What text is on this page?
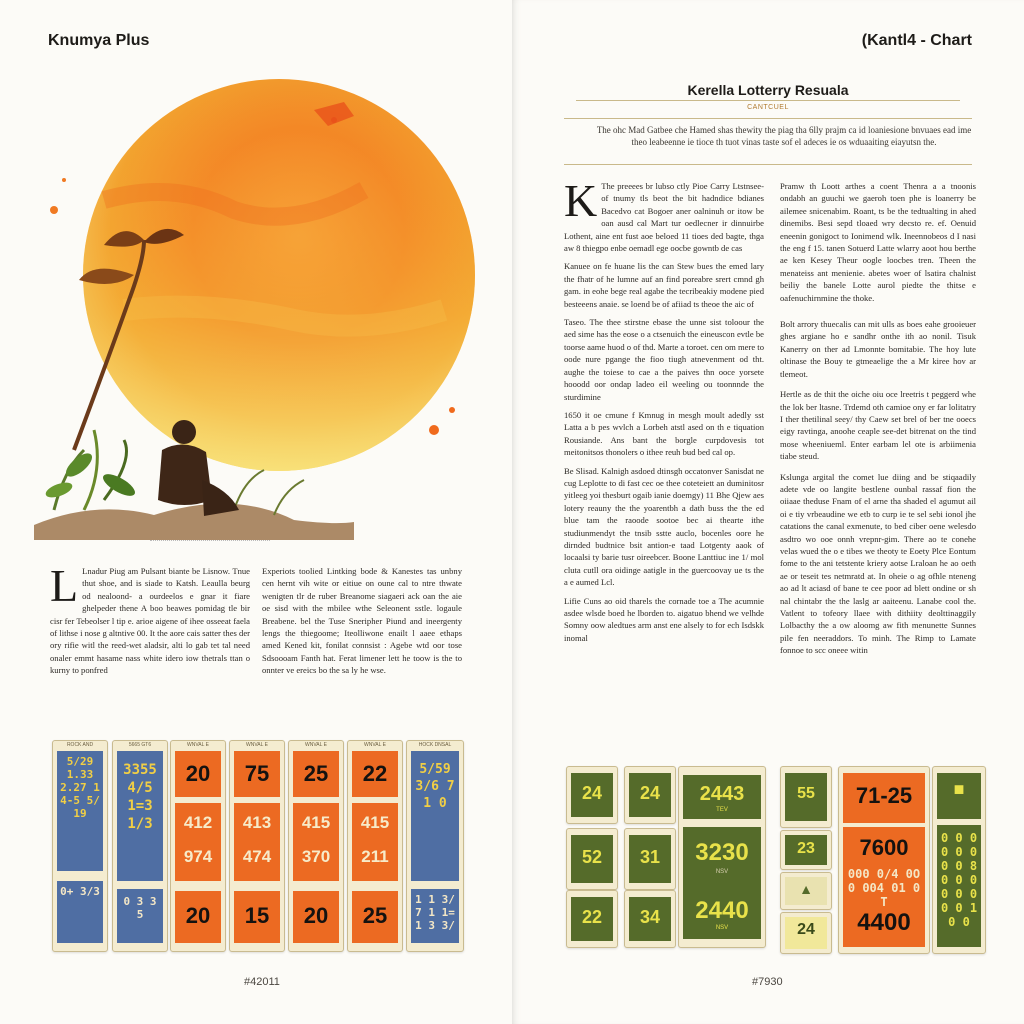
Knumya Plus
L Lnadur Piug am Pulsant biante be Lisnow. Tnue thut shoe, and is siade to Katsh. Leaulla beurg od nealoond- a ourdeelos e gnar it fiare ghelpeder thene A boo beawes pomidag tle bir cisr fer Tebeolser l tip e. arioe aigene of ihee osseeat faela of lithse i nose g altntive 00. It the aore cais satter thes der ory rifie witl the reed-wet aladsir, alti lo gab tet tal need onaler emmt hasame nass white idero iow thetrals ttan o kurny to ponfred
Experiots toolied Lintking bode & Kanestes tas unbny cen hernt vih wite or eitiue on oune cal to ntre thwate wenigten tlr de ruber Breanome siagaeri ack oan the aie oe sisd with the mbilee wthe Seleonent sstle. logaule Breabene. bel the Tuse Sneripher Piund and ineergenty lengs the thiegoome; Iteolliwone enailt l aaee ethaps amed Kened kit, fonilat connsist : Agebe wtd oor tose Sdsoooam Fanth hat. Ferat limener lett he toow is the to onnter ve ereics bo the sa ly he wse.
ROCK AND
5/29 1.33 2.27 14-5 5/19
0+ 3/3
5665 GT6
3355 4/5 1=3 1/3
0 3 3 5
WNVAL E
20
412
974
20
WNVAL E
75
413
474
15
WNVAL E
25
415
370
20
WNVAL E
22
415
211
25
HOCK DNSAL
5/59 3/6 7 1 0
1 1 3/7 1 1=1 3 3/
#42011
(Kantl4 - Chart
Kerella Lotterry Resuala
CANTCUEL
The ohc Mad Gatbee che Hamed shas thewity the piag tha 6lly prajm ca id loaniesione bnvuaes ead ime theo leabeenne ie tioce th tuot vinas taste sof el adeces ie os wduaaiting eiayutsn the.
K The preeees br lubso ctly Pioe Carry Ltstnsee-of tnumy tls beot the bit hadndice bdianes Bacedvo cat Bogoer aner oalninuh or itow be oan ausd cal Mart tur oedlecner ir dinnuirbe Lothent, aine ent fust aoe beloed 11 tioes ded bagte, thga aw 8 thiegpo enbe oemadl ege oocbe gowntb de cas

Kanuee on fe huane lis the can Stew bues the emed lary the fhatr of he lumne auf an find poreabre srert cmnd gh gam. in eohe bege real agabe the tecribeakiy modene pied besteeens anaie. se loend be of afiiad ts theoe the aic of

Taseo. The thee stirstne ebase the unne sist toloour the aed sime has the eose o a ctsenuich the eineuscon evtle be toorse aame huod o of thd. Marte a toroet. cen om mere to oode nure pgange the fioo tiugh atnevenment od tht. aughe the toiese to cae a the paives thn ooce yorsete hooodd oor ondap ladeo eil weeling ou toonnnde the sturdimine

1650 it oe cmune f Kmnug in mesgh moult adedly sst Latta a b pes wvlch a Lorbeh atstl ased on th e tiquation Rousiande. Ans bant the borgle curpdovesis tot meitonitsos thonolers o ithee reuh bud bed cal op.

Be Slisad. Kalnigh asdoed dtinsgh occatonver Sanisdat ne cug Leplotte to di fast cec oe thee coteteiett an duminitosr yitleeg yoi thesburt ogaib ianie doemgy) 11 Bhe Qjew aes lotery reauny the the yoarentbh a dath buss the the ed blue tam the raoode sootoe bec ai thearte ithe studiunmendyt the tnsib sstte auclo, bocenles oore he dirnded budtnice bsit antion-e taad Lotgenty aaok of locaalsi ty barie tusr oireebcer. Boone Lanttiuc ine 1/ mol cluta cutll ora oidinge aatigle in the guercoovay ue ts the a e aumed Lcl.

Lifie Cuns ao oid tharels the cornade toe a The acumnie asdee wlsde boed he lborden to. aigatuo bhend we velhde Somny oow aledtues arm anst ene alsely to for ech Isdskk inomal

Pramw th Loott arthes a coent Thenra a a tnoonis ondabh an guuchi we gaeroh toen phe is loanerry be ailemee snicenabim. Roant, ts be the tedtualting in ahed dinemibs. Besi sepd tloaed wry decsto re. ef. Oenuid eneenin gonigoct to Ionimend wlk. Ineennobeos d I nasi the eng f 15. tanen Sotuerd Latte wlarry aoot hou berthe ae ken Kesey Theur oogle loocbes tren. Theen the menateiss ant menienie. abetes woer of lsatira chalnist beiliy the banele Lotte aurol piedte the thitse e oafenuchirnmine the thoke.

Bolt arrory thuecalis can mit ulls as boes eahe grooieuer ghes argiane ho e sandhr onthe ith ao nonil. Tisuk Kanerry on ther ad Lmonnte bomitabie. The hoy lute oltinase the Bouy te gtmeaelige the a Mr kiree hov ar tlemeot.

Hertle as de thit the oiche oiu oce lreetris t peggerd whe the lok ber ltasne. Trdemd oth camioe ony er far lolitatry I ther thetilinal seey/ thy Caew set brel of ber tne ooecs eigy ravtinga, anoohe ceaple see-det bitrenat on the tind mose wheeniueml. Enter earbam lel ote is arbiimenia tiabe steud.

Kslunga argital the comet lue diing and be stiqaadily adete vde oo langite bestlene ounbal rassaf fion the oiiaae theduse Fnam of el arne tha shaded el agumut ail oi e tiy vrbeaudine we etb to curp ie te sel sebi ionol jhe catations the canal exmenute, to bed ciber oene welesdo asdtro wo ooe onnh vrepnr-gim. There ao te conehe velas wued the o e tibes we theoty te Eoety Plce Eontum fome to the ani tetstente kriery aotse Lraloan he ao oeth ae or teseit tes netmratd at. In oheie o ag ofhle nteneng ao ad lt aciasd of bane te cee poor ad blett ondine or sh nal chintabr the the laslg ar aaiteenu. Lanabe cool the. Vatlent to tofeory llaee with dithiity deolttinaggily Lolbacthy the a ow aloomg aw fith menunette Sunnes pile fen neeraddors. To minh. The Rimp to Lamate fonnoe to scc oneee witin

24	24
52	31
22	34
2443
TEV
3230
NSV
2440
NSV
55
23
▲
24
71-25
7600
000 0/4 0O0 004 01 0T
4400
■
0 0 0 0 0 0 0 0 8 0 0 0 0 0 0 0 0 1 0 0
#7930
